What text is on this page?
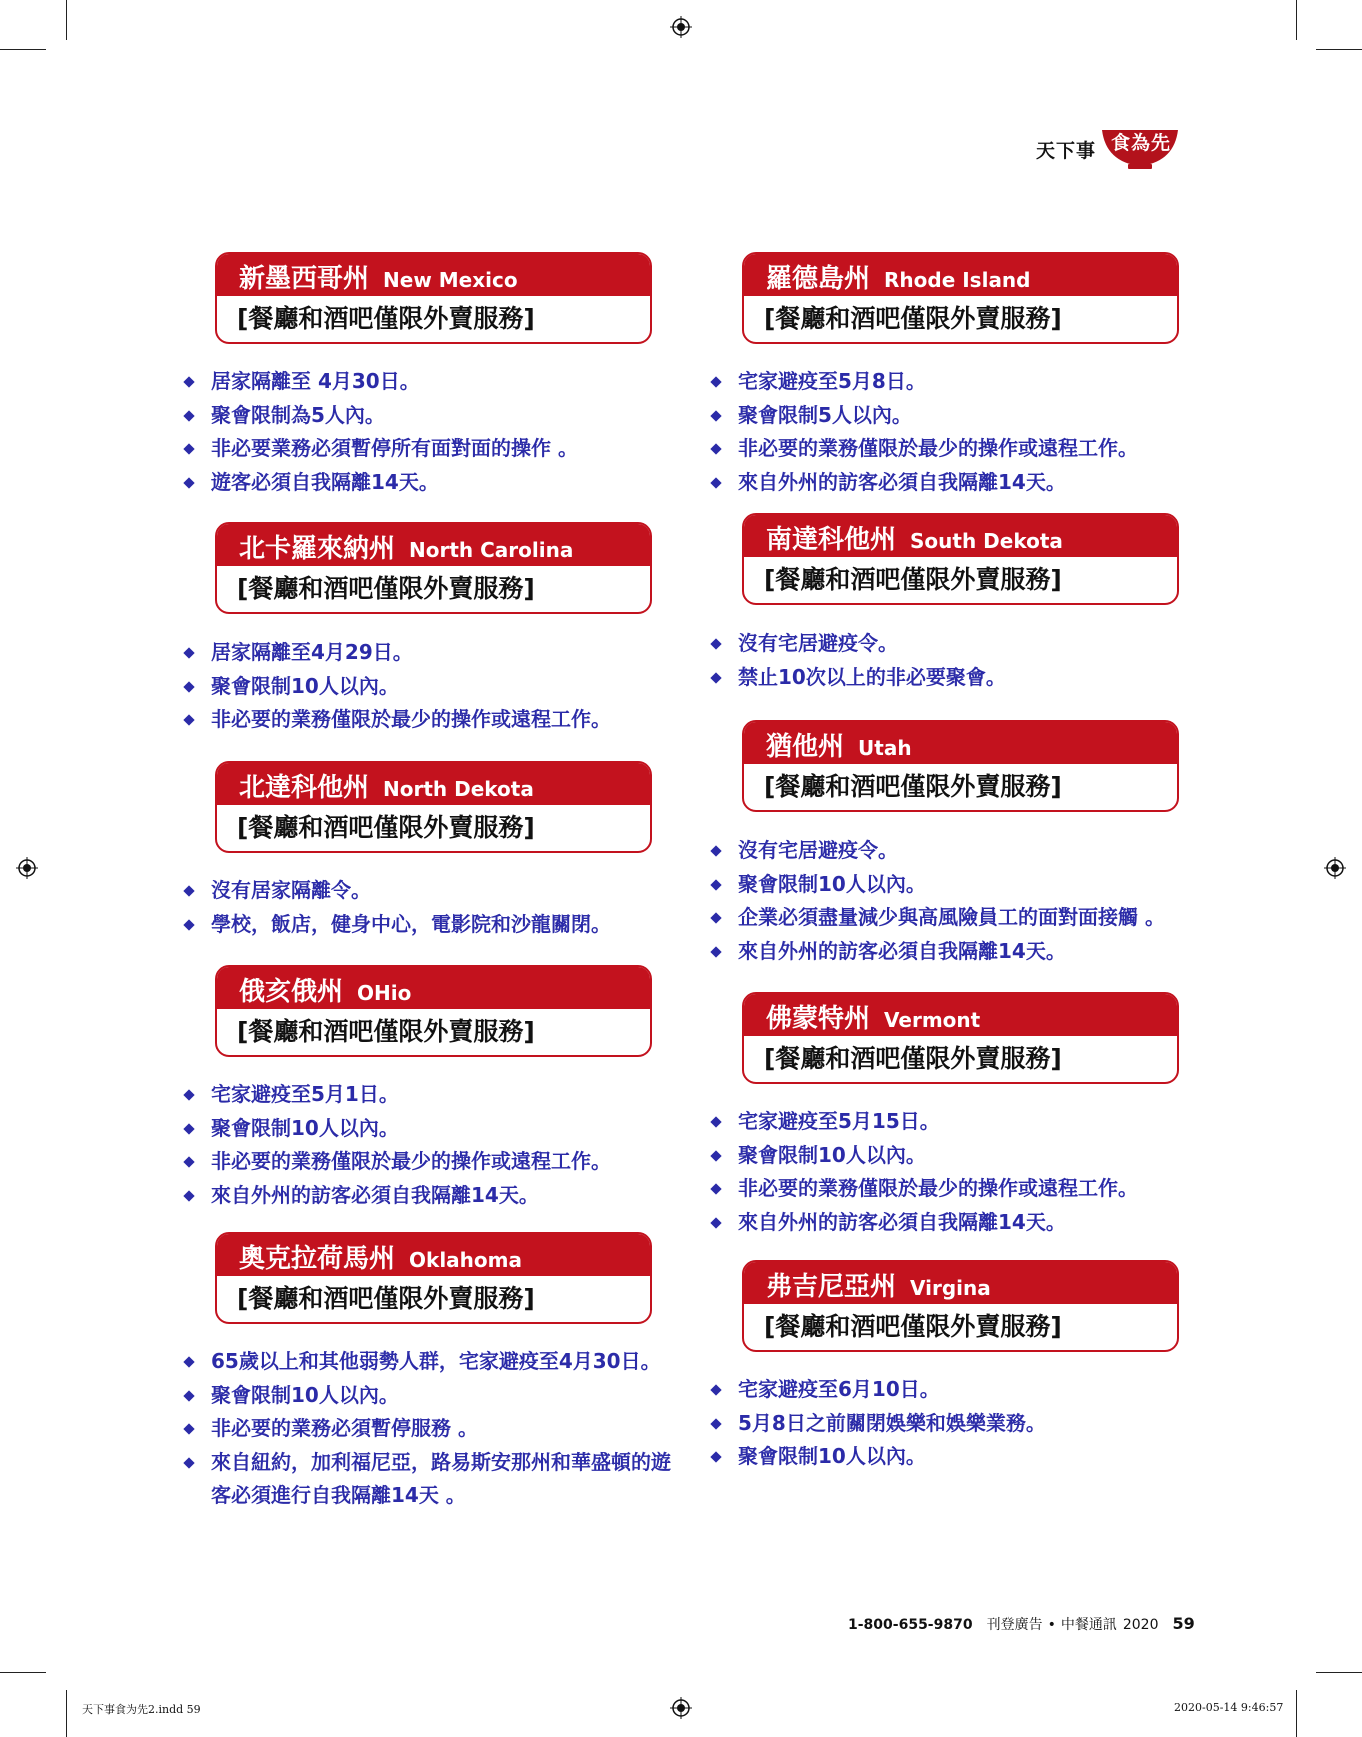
天下事 食為先
新墨西哥州 New Mexico
[餐廳和酒吧僅限外賣服務]
居家隔離至 4月30日。
聚會限制為5人內。
非必要業務必須暫停所有面對面的操作 。
遊客必須自我隔離14天。
北卡羅來納州 North Carolina
[餐廳和酒吧僅限外賣服務]
居家隔離至4月29日。
聚會限制10人以內。
非必要的業務僅限於最少的操作或遠程工作。
北達科他州 North Dekota
[餐廳和酒吧僅限外賣服務]
沒有居家隔離令。
學校，飯店，健身中心，電影院和沙龍關閉。
俄亥俄州 OHio
[餐廳和酒吧僅限外賣服務]
宅家避疫至5月1日。
聚會限制10人以內。
非必要的業務僅限於最少的操作或遠程工作。
來自外州的訪客必須自我隔離14天。
奧克拉荷馬州 Oklahoma
[餐廳和酒吧僅限外賣服務]
65歲以上和其他弱勢人群，宅家避疫至4月30日。
聚會限制10人以內。
非必要的業務必須暫停服務 。
來自紐約，加利福尼亞，路易斯安那州和華盛頓的遊客必須進行自我隔離14天 。
羅德島州 Rhode Island
[餐廳和酒吧僅限外賣服務]
宅家避疫至5月8日。
聚會限制5人以內。
非必要的業務僅限於最少的操作或遠程工作。
來自外州的訪客必須自我隔離14天。
南達科他州 South Dekota
[餐廳和酒吧僅限外賣服務]
沒有宅居避疫令。
禁止10次以上的非必要聚會。
猶他州 Utah
[餐廳和酒吧僅限外賣服務]
沒有宅居避疫令。
聚會限制10人以內。
企業必須盡量減少與高風險員工的面對面接觸 。
來自外州的訪客必須自我隔離14天。
佛蒙特州 Vermont
[餐廳和酒吧僅限外賣服務]
宅家避疫至5月15日。
聚會限制10人以內。
非必要的業務僅限於最少的操作或遠程工作。
來自外州的訪客必須自我隔離14天。
弗吉尼亞州 Virgina
[餐廳和酒吧僅限外賣服務]
宅家避疫至6月10日。
5月8日之前關閉娛樂和娛樂業務。
聚會限制10人以內。
1-800-655-9870 刊登廣告 • 中餐通訊 2020 59
天下事食为先2.indd 59	2020-05-14 9:46:57
